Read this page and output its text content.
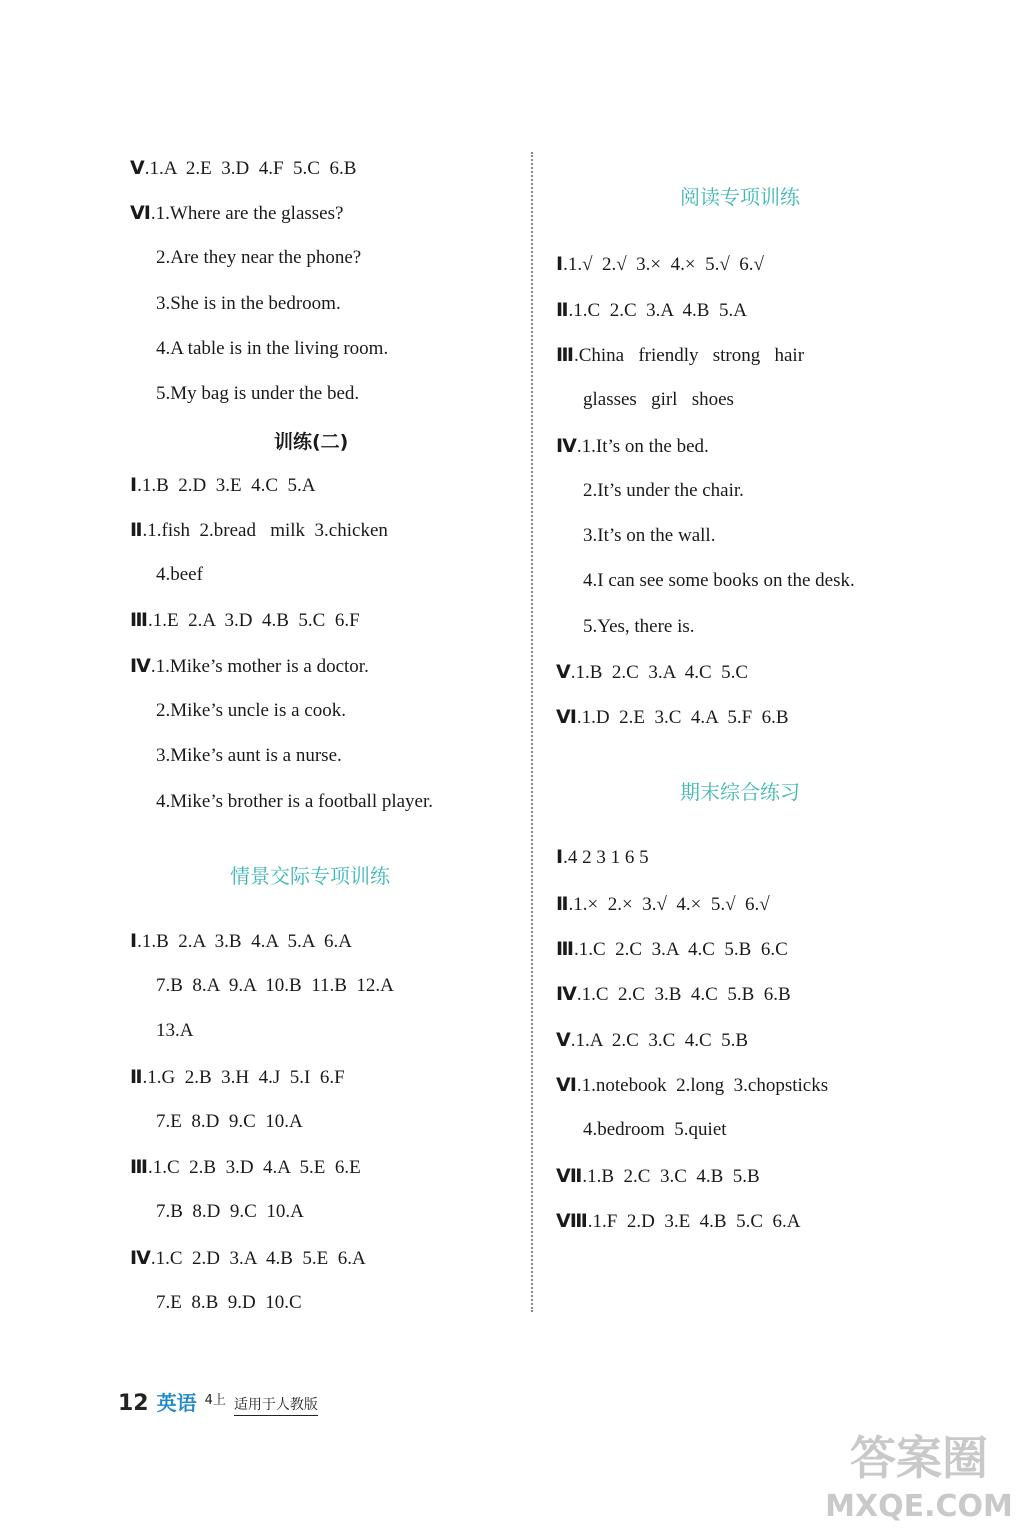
Ⅴ.1.A  2.E  3.D  4.F  5.C  6.B
Ⅵ.1.Where are the glasses?
2.Are they near the phone?
3.She is in the bedroom.
4.A table is in the living room.
5.My bag is under the bed.
训练(二)
Ⅰ.1.B  2.D  3.E  4.C  5.A
Ⅱ.1.fish  2.bread   milk  3.chicken
4.beef
Ⅲ.1.E  2.A  3.D  4.B  5.C  6.F
Ⅳ.1.Mike’s mother is a doctor.
2.Mike’s uncle is a cook.
3.Mike’s aunt is a nurse.
4.Mike’s brother is a football player.
情景交际专项训练
Ⅰ.1.B  2.A  3.B  4.A  5.A  6.A
7.B  8.A  9.A  10.B  11.B  12.A
13.A
Ⅱ.1.G  2.B  3.H  4.J  5.I  6.F
7.E  8.D  9.C  10.A
Ⅲ.1.C  2.B  3.D  4.A  5.E  6.E
7.B  8.D  9.C  10.A
Ⅳ.1.C  2.D  3.A  4.B  5.E  6.A
7.E  8.B  9.D  10.C
阅读专项训练
Ⅰ.1.√  2.√  3.×  4.×  5.√  6.√
Ⅱ.1.C  2.C  3.A  4.B  5.A
Ⅲ.China   friendly   strong   hair
glasses   girl   shoes
Ⅳ.1.It’s on the bed.
2.It’s under the chair.
3.It’s on the wall.
4.I can see some books on the desk.
5.Yes, there is.
Ⅴ.1.B  2.C  3.A  4.C  5.C
Ⅵ.1.D  2.E  3.C  4.A  5.F  6.B
期末综合练习
Ⅰ.4 2 3 1 6 5
Ⅱ.1.×  2.×  3.√  4.×  5.√  6.√
Ⅲ.1.C  2.C  3.A  4.C  5.B  6.C
Ⅳ.1.C  2.C  3.B  4.C  5.B  6.B
Ⅴ.1.A  2.C  3.C  4.C  5.B
Ⅵ.1.notebook  2.long  3.chopsticks
4.bedroom  5.quiet
Ⅶ.1.B  2.C  3.C  4.B  5.B
Ⅷ.1.F  2.D  3.E  4.B  5.C  6.A
12 英语 4上 适用于人教版
答案圈
MXQE.COM
